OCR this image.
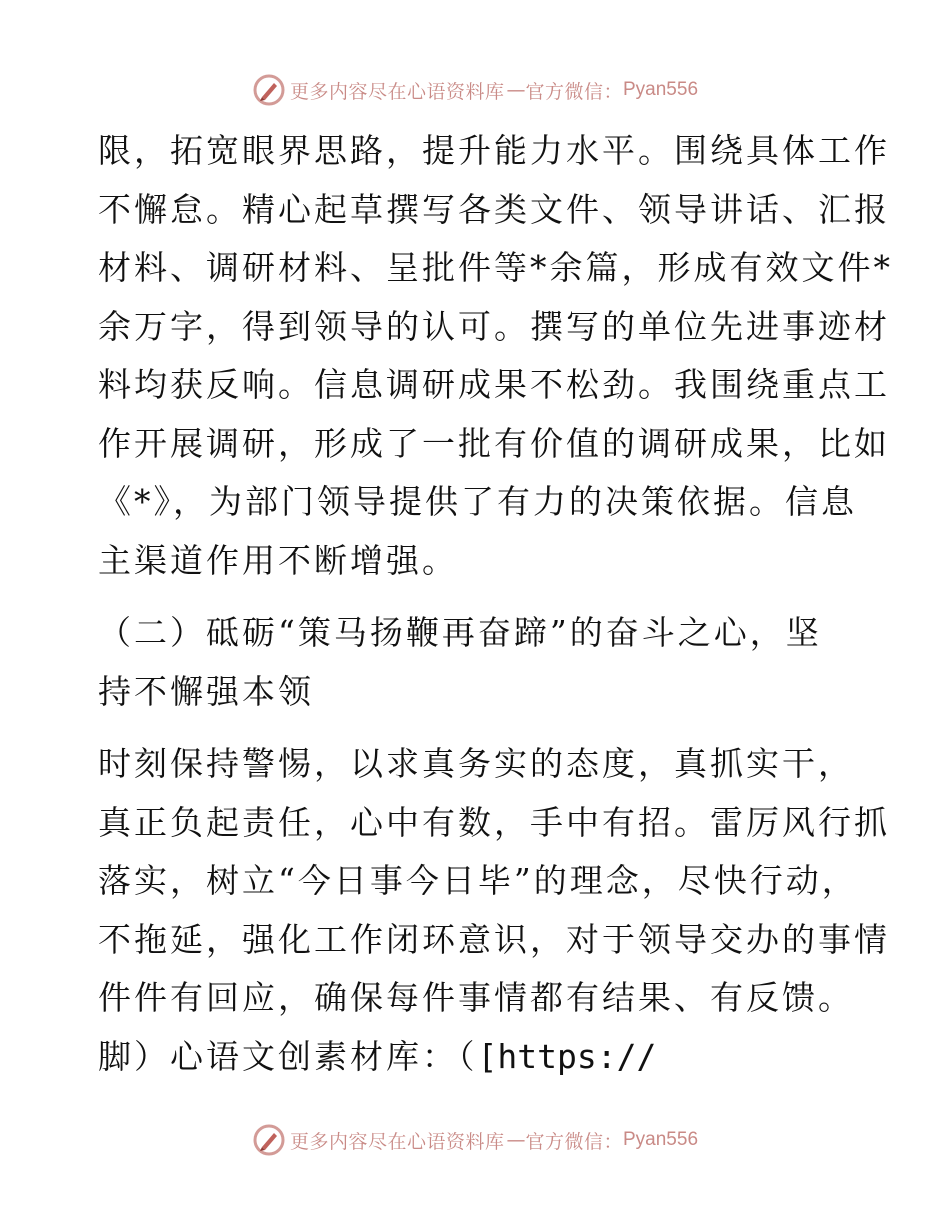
更多内容尽在心语资料库 — 官方微信： Pyan556
限，拓宽眼界思路，提升能力水平。围绕具体工作
不懈怠。精心起草撰写各类文件、领导讲话、汇报
材料、调研材料、呈批件等*余篇，形成有效文件*
余万字，得到领导的认可。撰写的单位先进事迹材
料均获反响。信息调研成果不松劲。我围绕重点工
作开展调研，形成了一批有价值的调研成果，比如
《*》，为部门领导提供了有力的决策依据。信息
主渠道作用不断增强。
（二）砥砺“策马扬鞭再奋蹄”的奋斗之心，坚
持不懈强本领
时刻保持警惕，以求真务实的态度，真抓实干，
真正负起责任，心中有数，手中有招。雷厉风行抓
落实，树立“今日事今日毕”的理念，尽快行动，
不拖延，强化工作闭环意识，对于领导交办的事情
件件有回应，确保每件事情都有结果、有反馈。
脚）心语文创素材库：（[https://
更多内容尽在心语资料库 — 官方微信： Pyan556
